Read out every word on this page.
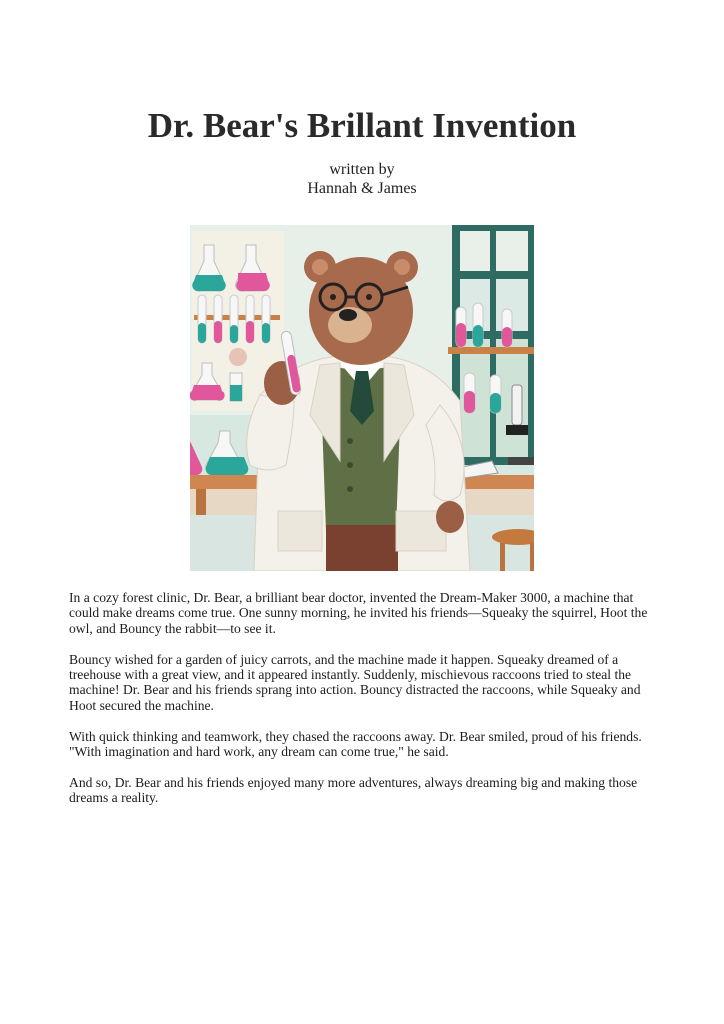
Dr. Bear's Brillant Invention
written by
Hannah & James

In a cozy forest clinic, Dr. Bear, a brilliant bear doctor, invented the Dream-Maker 3000, a machine that could make dreams come true. One sunny morning, he invited his friends—Squeaky the squirrel, Hoot the owl, and Bouncy the rabbit—to see it.

Bouncy wished for a garden of juicy carrots, and the machine made it happen. Squeaky dreamed of a treehouse with a great view, and it appeared instantly. Suddenly, mischievous raccoons tried to steal the machine! Dr. Bear and his friends sprang into action. Bouncy distracted the raccoons, while Squeaky and Hoot secured the machine.

With quick thinking and teamwork, they chased the raccoons away. Dr. Bear smiled, proud of his friends. "With imagination and hard work, any dream can come true," he said.

And so, Dr. Bear and his friends enjoyed many more adventures, always dreaming big and making those dreams a reality.
